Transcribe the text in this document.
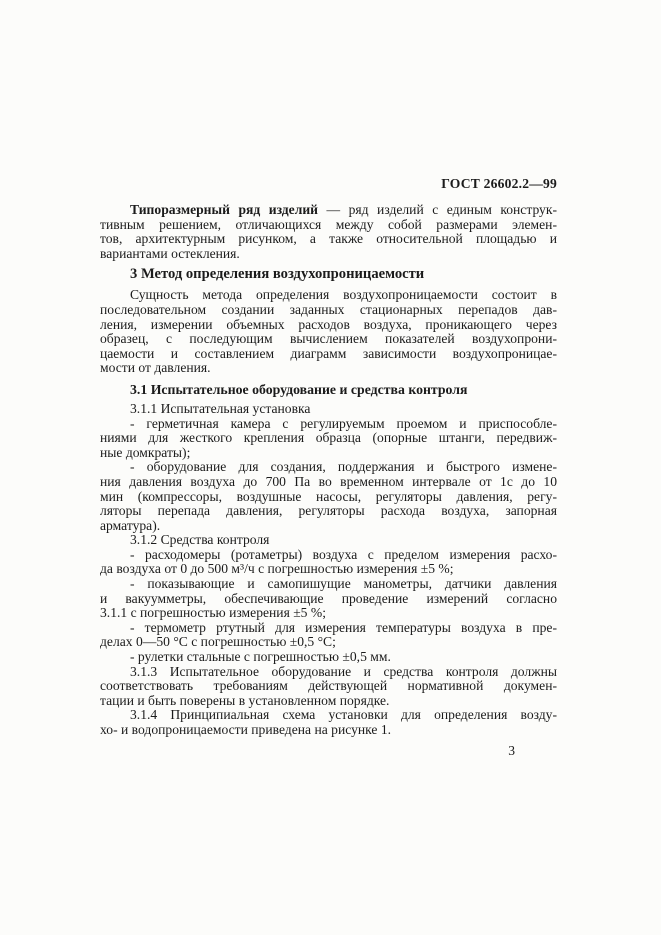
ГОСТ 26602.2—99
Типоразмерный ряд изделий — ряд изделий с единым конструк-
тивным решением, отличающихся между собой размерами элемен-
тов, архитектурным рисунком, а также относительной площадью и
вариантами остекления.
3 Метод определения воздухопроницаемости
Сущность метода определения воздухопроницаемости состоит в
последовательном создании заданных стационарных перепадов дав-
ления, измерении объемных расходов воздуха, проникающего через
образец, с последующим вычислением показателей воздухопрони-
цаемости и составлением диаграмм зависимости воздухопроницае-
мости от давления.
3.1 Испытательное оборудование и средства контроля
3.1.1 Испытательная установка
- герметичная камера с регулируемым проемом и приспособле-
ниями для жесткого крепления образца (опорные штанги, передвиж-
ные домкраты);
- оборудование для создания, поддержания и быстрого измене-
ния давления воздуха до 700 Па во временном интервале от 1с до 10
мин (компрессоры, воздушные насосы, регуляторы давления, регу-
ляторы перепада давления, регуляторы расхода воздуха, запорная
арматура).
3.1.2 Средства контроля
- расходомеры (ротаметры) воздуха с пределом измерения расхо-
да воздуха от 0 до 500 м³/ч с погрешностью измерения ±5 %;
- показывающие и самопишущие манометры, датчики давления
и вакуумметры, обеспечивающие проведение измерений согласно
3.1.1 с погрешностью измерения ±5 %;
- термометр ртутный для измерения температуры воздуха в пре-
делах 0—50 °С с погрешностью ±0,5 °С;
- рулетки стальные с погрешностью ±0,5 мм.
3.1.3 Испытательное оборудование и средства контроля должны
соответствовать требованиям действующей нормативной докумен-
тации и быть поверены в установленном порядке.
3.1.4 Принципиальная схема установки для определения возду-
хо- и водопроницаемости приведена на рисунке 1.
3
